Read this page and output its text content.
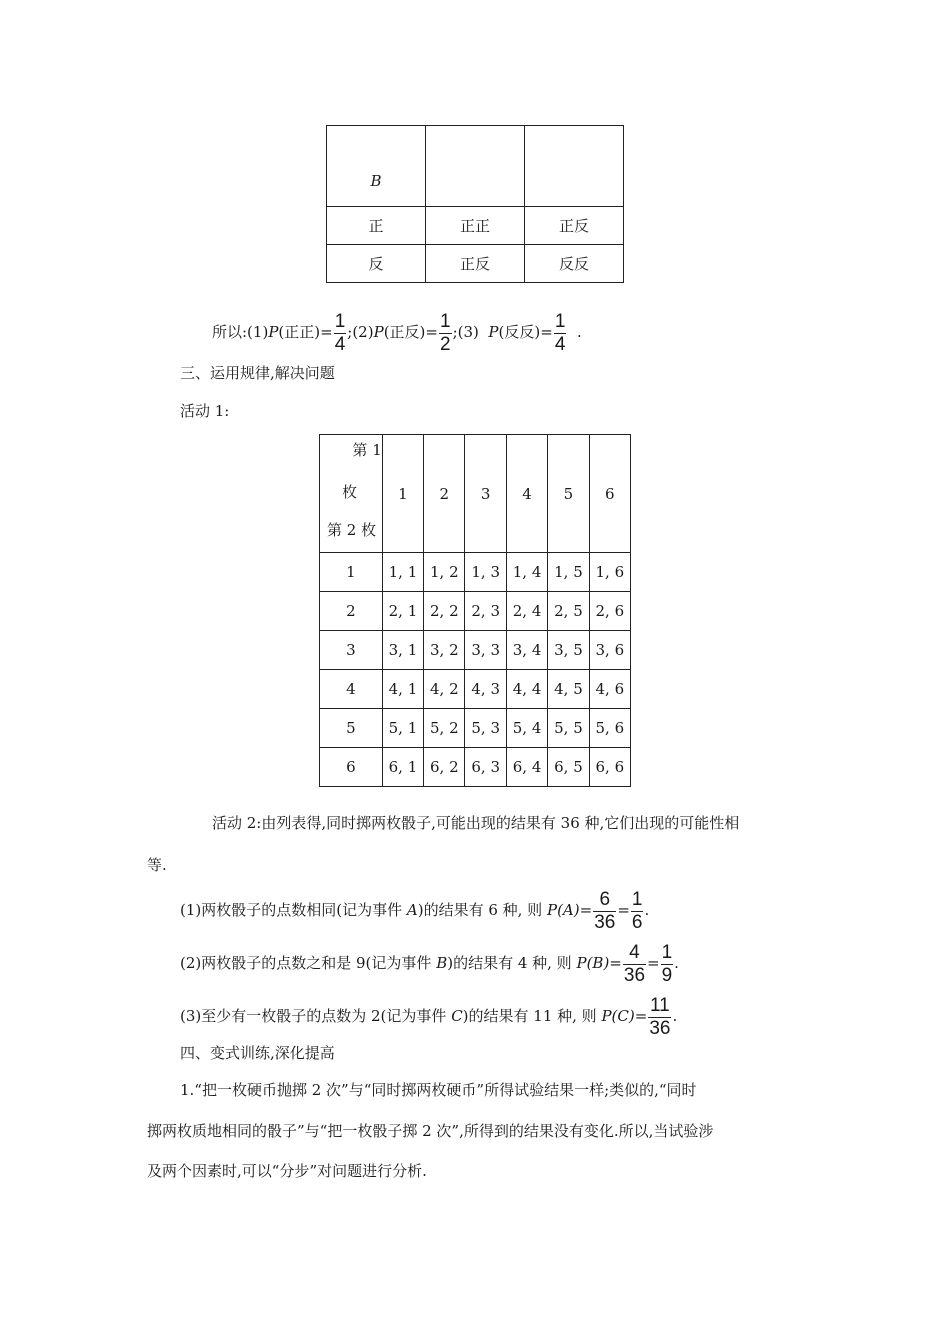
B		
正	正正	正反
反	正反	反反
所以:(1)P(正正)= $\frac{1}{4}$ ;(2)P(正反)= $\frac{1}{2}$ ;(3) P(反反)= $\frac{1}{4}$ .
三、运用规律,解决问题
活动 1:
第 1
枚
第 2 枚	1	2	3	4	5	6
1	1, 1	1, 2	1, 3	1, 4	1, 5	1, 6
2	2, 1	2, 2	2, 3	2, 4	2, 5	2, 6
3	3, 1	3, 2	3, 3	3, 4	3, 5	3, 6
4	4, 1	4, 2	4, 3	4, 4	4, 5	4, 6
5	5, 1	5, 2	5, 3	5, 4	5, 5	5, 6
6	6, 1	6, 2	6, 3	6, 4	6, 5	6, 6
活动 2:由列表得,同时掷两枚骰子,可能出现的结果有 36 种,它们出现的可能性相
等.
(1)两枚骰子的点数相同(记为事件 A)的结果有 6 种, 则 $P(A)= \frac{6}{36} = \frac{1}{6}$ .
(2)两枚骰子的点数之和是 9(记为事件 B)的结果有 4 种, 则 $P(B)= \frac{4}{36} = \frac{1}{9}$ .
(3)至少有一枚骰子的点数为 2(记为事件 C)的结果有 11 种, 则 $P(C)= \frac{11}{36}$ .
四、变式训练,深化提高
1.“把一枚硬币抛掷 2 次”与“同时掷两枚硬币”所得试验结果一样;类似的,“同时
掷两枚质地相同的骰子”与“把一枚骰子掷 2 次”,所得到的结果没有变化.所以,当试验涉
及两个因素时,可以“分步”对问题进行分析.
